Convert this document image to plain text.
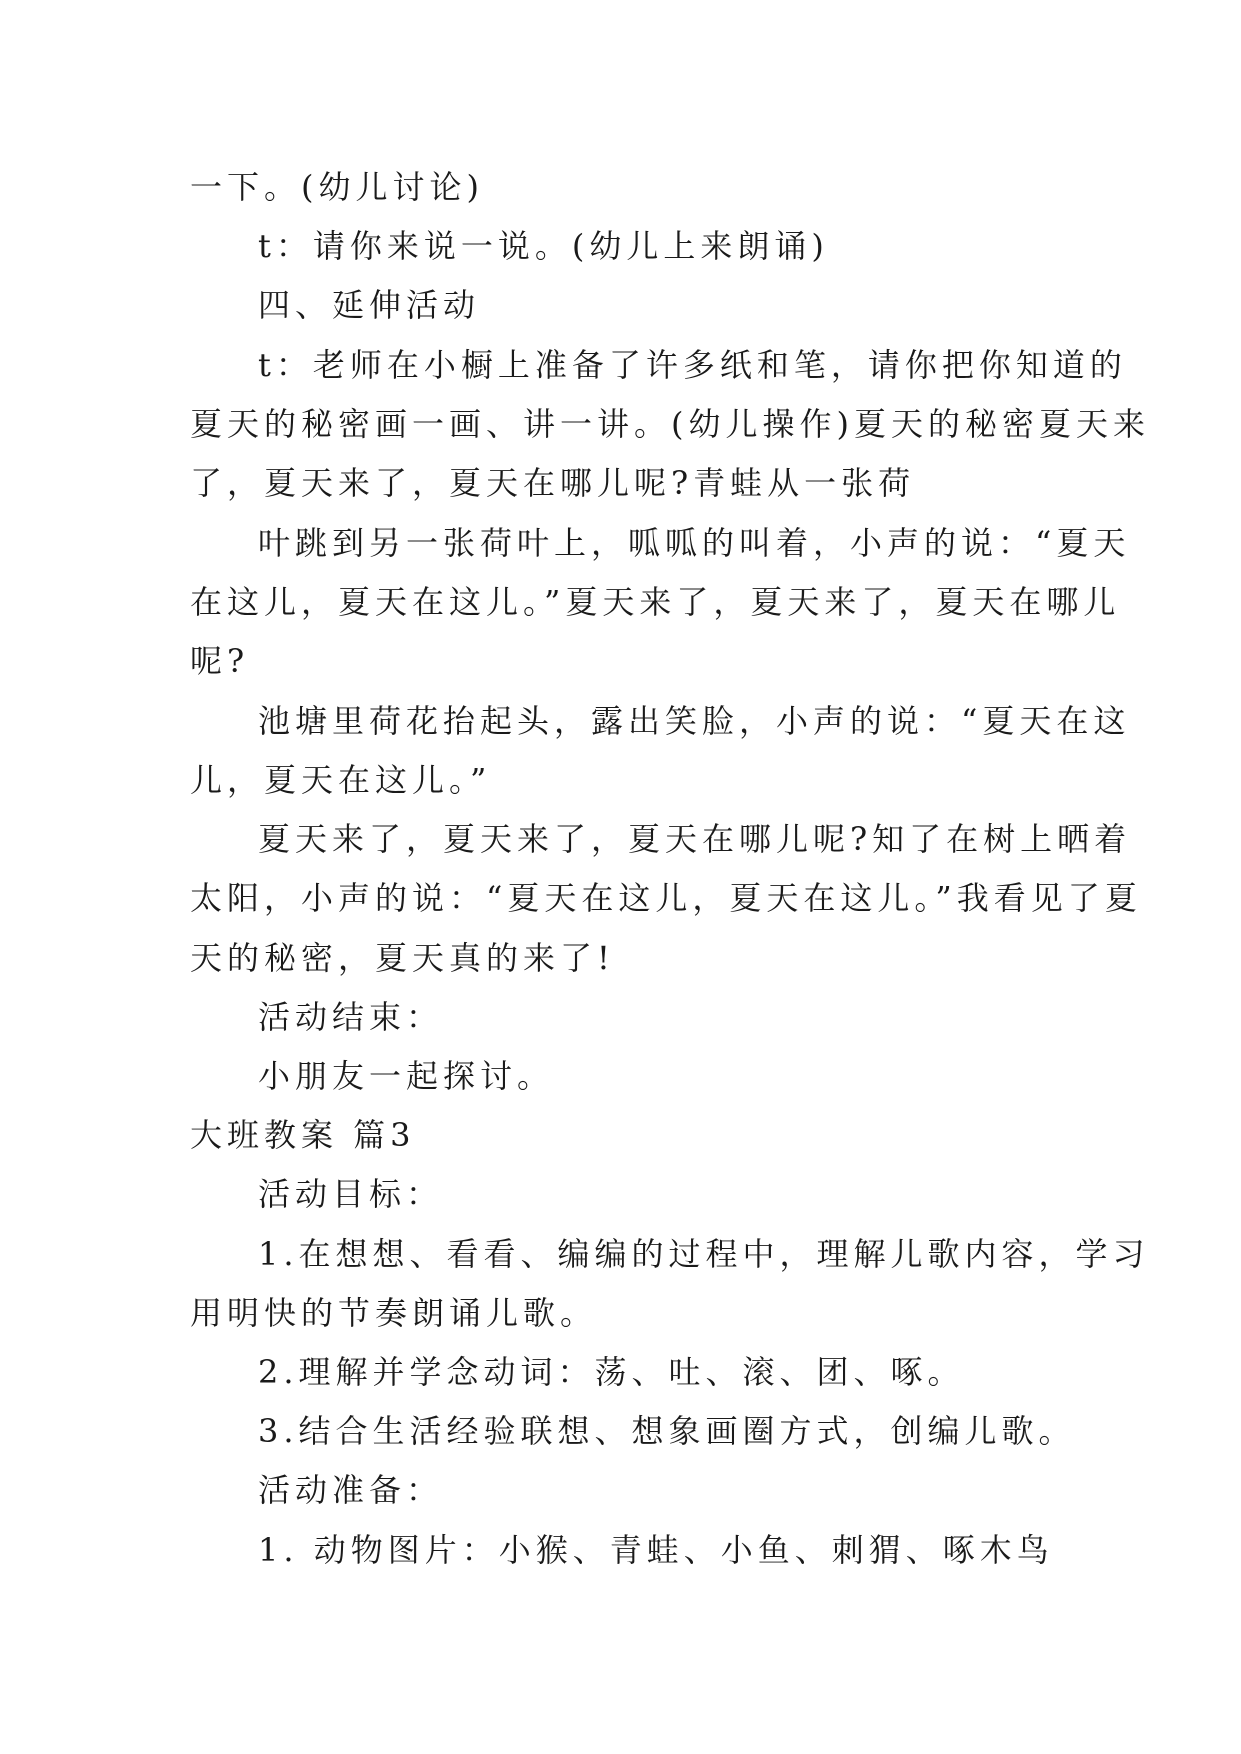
一下。(幼儿讨论)
t：请你来说一说。(幼儿上来朗诵)
四、延伸活动
t：老师在小橱上准备了许多纸和笔，请你把你知道的
夏天的秘密画一画、讲一讲。(幼儿操作)夏天的秘密夏天来
了，夏天来了，夏天在哪儿呢?青蛙从一张荷
叶跳到另一张荷叶上，呱呱的叫着，小声的说：“夏天
在这儿，夏天在这儿。”夏天来了，夏天来了，夏天在哪儿
呢?
池塘里荷花抬起头，露出笑脸，小声的说：“夏天在这
儿，夏天在这儿。”
夏天来了，夏天来了，夏天在哪儿呢?知了在树上晒着
太阳，小声的说：“夏天在这儿，夏天在这儿。”我看见了夏
天的秘密，夏天真的来了!
活动结束：
小朋友一起探讨。
大班教案 篇3
活动目标：
1.在想想、看看、编编的过程中，理解儿歌内容，学习
用明快的节奏朗诵儿歌。
2.理解并学念动词：荡、吐、滚、团、啄。
3.结合生活经验联想、想象画圈方式，创编儿歌。
活动准备：
1. 动物图片：小猴、青蛙、小鱼、刺猬、啄木鸟
